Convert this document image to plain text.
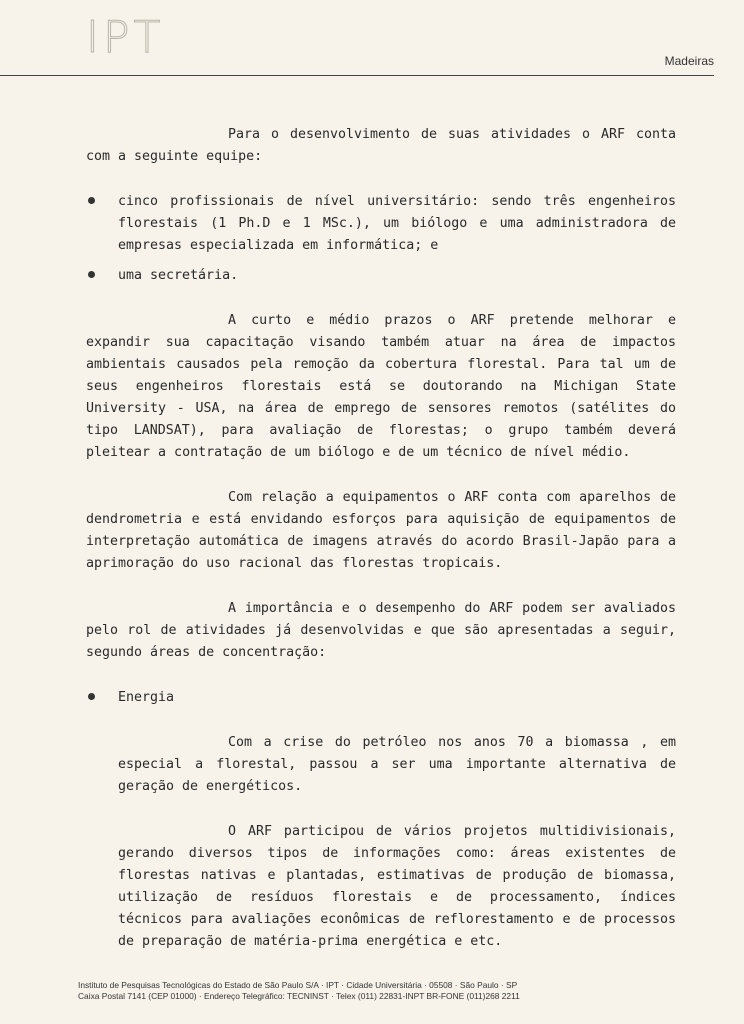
IPT	Madeiras

Para o desenvolvimento de suas atividades o ARF conta com a seguinte equipe:

cinco profissionais de nível universitário: sendo três engenheiros florestais (1 Ph.D e 1 MSc.), um biólogo e uma administradora de empresas especializada em informática; e

uma secretária.

A curto e médio prazos o ARF pretende melhorar e expandir sua capacitação visando também atuar na área de impactos ambientais causados pela remoção da cobertura florestal. Para tal um de seus engenheiros florestais está se doutorando na Michigan State University - USA, na área de emprego de sensores remotos (satélites do tipo LANDSAT), para avaliação de florestas; o grupo também deverá pleitear a contratação de um biólogo e de um técnico de nível médio.

Com relação a equipamentos o ARF conta com aparelhos de dendrometria e está envidando esforços para aquisição de equipamentos de interpretação automática de imagens através do acordo Brasil-Japão para a aprimoração do uso racional das florestas tropicais.

A importância e o desempenho do ARF podem ser avaliados pelo rol de atividades já desenvolvidas e que são apresentadas a seguir, segundo áreas de concentração:

Energia

Com a crise do petróleo nos anos 70 a biomassa , em especial a florestal, passou a ser uma importante alternativa de geração de energéticos.

O ARF participou de vários projetos multidivisionais, gerando diversos tipos de informações como: áreas existentes de florestas nativas e plantadas, estimativas de produção de biomassa, utilização de resíduos florestais e de processamento, índices técnicos para avaliações econômicas de reflorestamento e de processos de preparação de matéria-prima energética e etc.

Instituto de Pesquisas Tecnológicas do Estado de São Paulo S/A · IPT · Cidade Universitária · 05508 · São Paulo · SP
Caixa Postal 7141 (CEP 01000) · Endereço Telegráfico: TECNINST · Telex (011) 22831-INPT BR-FONE (011)268 2211
